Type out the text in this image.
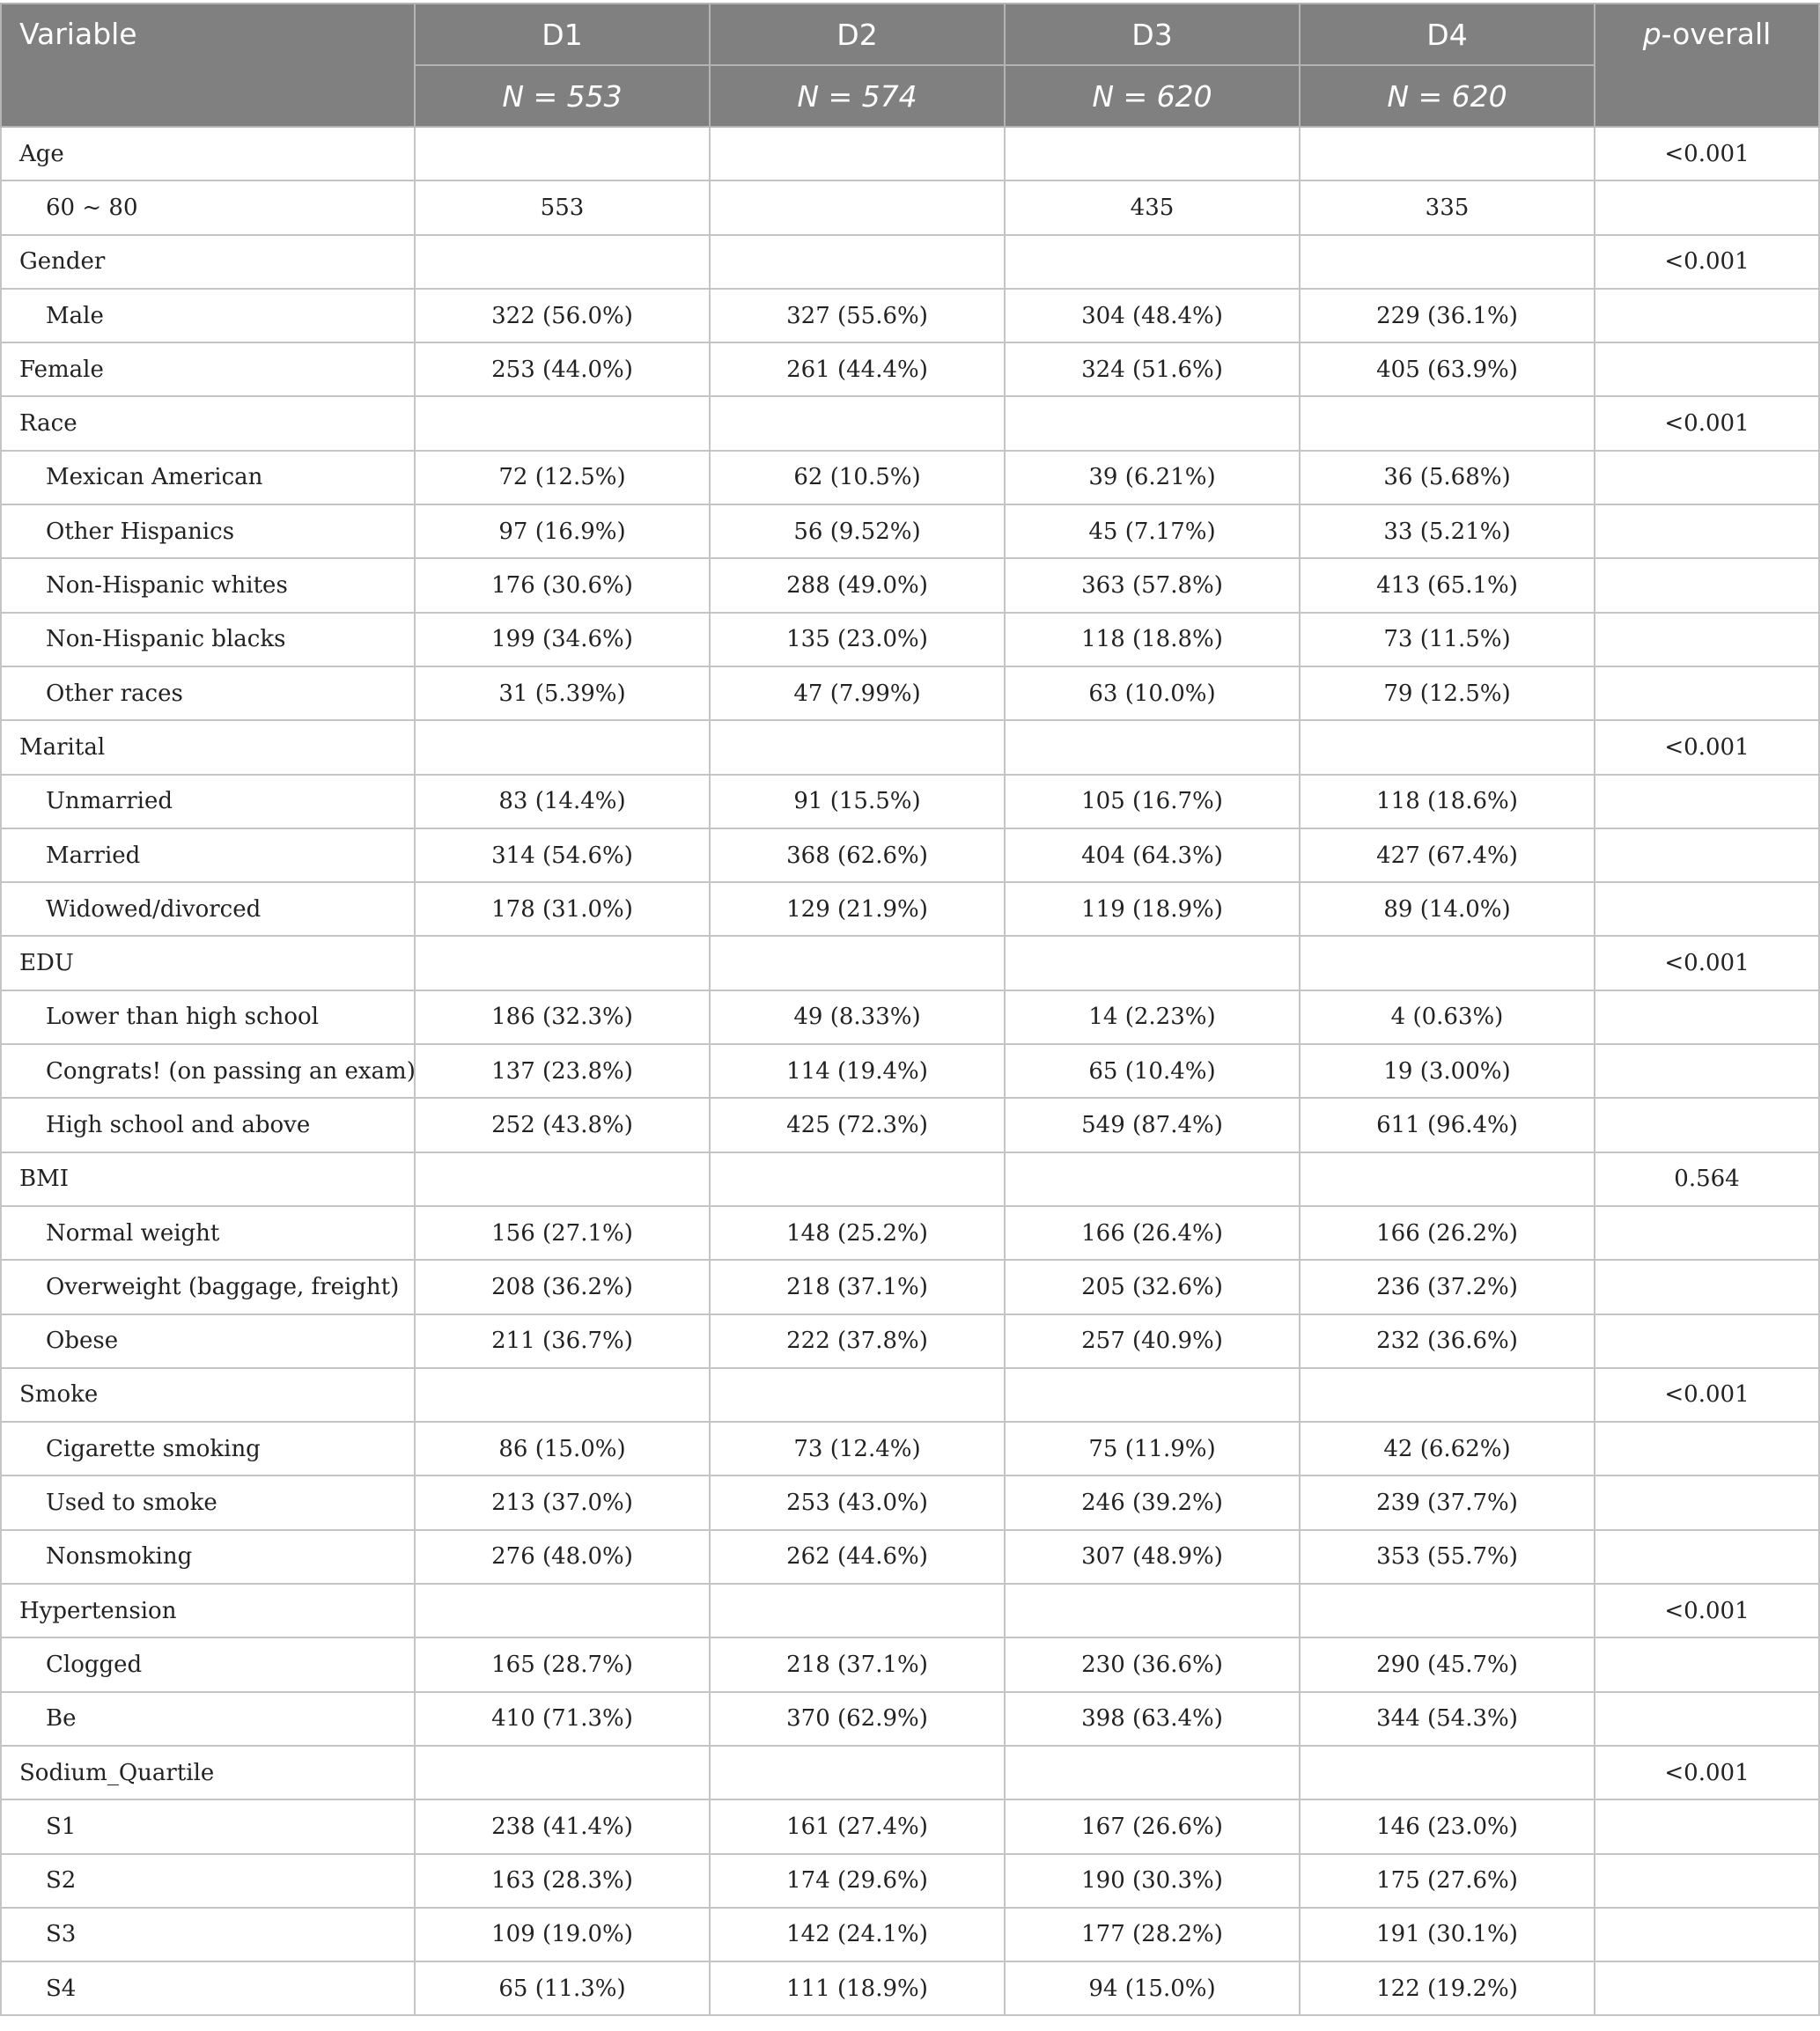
Variable	D1	D2	D3	D4	p-overall
	N = 553	N = 574	N = 620	N = 620	
Age					<0.001
60 ~ 80	553		435	335	
Gender					<0.001
Male	322 (56.0%)	327 (55.6%)	304 (48.4%)	229 (36.1%)	
Female	253 (44.0%)	261 (44.4%)	324 (51.6%)	405 (63.9%)	
Race					<0.001
Mexican American	72 (12.5%)	62 (10.5%)	39 (6.21%)	36 (5.68%)	
Other Hispanics	97 (16.9%)	56 (9.52%)	45 (7.17%)	33 (5.21%)	
Non-Hispanic whites	176 (30.6%)	288 (49.0%)	363 (57.8%)	413 (65.1%)	
Non-Hispanic blacks	199 (34.6%)	135 (23.0%)	118 (18.8%)	73 (11.5%)	
Other races	31 (5.39%)	47 (7.99%)	63 (10.0%)	79 (12.5%)	
Marital					<0.001
Unmarried	83 (14.4%)	91 (15.5%)	105 (16.7%)	118 (18.6%)	
Married	314 (54.6%)	368 (62.6%)	404 (64.3%)	427 (67.4%)	
Widowed/divorced	178 (31.0%)	129 (21.9%)	119 (18.9%)	89 (14.0%)	
EDU					<0.001
Lower than high school	186 (32.3%)	49 (8.33%)	14 (2.23%)	4 (0.63%)	
Congrats! (on passing an exam)	137 (23.8%)	114 (19.4%)	65 (10.4%)	19 (3.00%)	
High school and above	252 (43.8%)	425 (72.3%)	549 (87.4%)	611 (96.4%)	
BMI					0.564
Normal weight	156 (27.1%)	148 (25.2%)	166 (26.4%)	166 (26.2%)	
Overweight (baggage, freight)	208 (36.2%)	218 (37.1%)	205 (32.6%)	236 (37.2%)	
Obese	211 (36.7%)	222 (37.8%)	257 (40.9%)	232 (36.6%)	
Smoke					<0.001
Cigarette smoking	86 (15.0%)	73 (12.4%)	75 (11.9%)	42 (6.62%)	
Used to smoke	213 (37.0%)	253 (43.0%)	246 (39.2%)	239 (37.7%)	
Nonsmoking	276 (48.0%)	262 (44.6%)	307 (48.9%)	353 (55.7%)	
Hypertension					<0.001
Clogged	165 (28.7%)	218 (37.1%)	230 (36.6%)	290 (45.7%)	
Be	410 (71.3%)	370 (62.9%)	398 (63.4%)	344 (54.3%)	
Sodium_Quartile					<0.001
S1	238 (41.4%)	161 (27.4%)	167 (26.6%)	146 (23.0%)	
S2	163 (28.3%)	174 (29.6%)	190 (30.3%)	175 (27.6%)	
S3	109 (19.0%)	142 (24.1%)	177 (28.2%)	191 (30.1%)	
S4	65 (11.3%)	111 (18.9%)	94 (15.0%)	122 (19.2%)	
